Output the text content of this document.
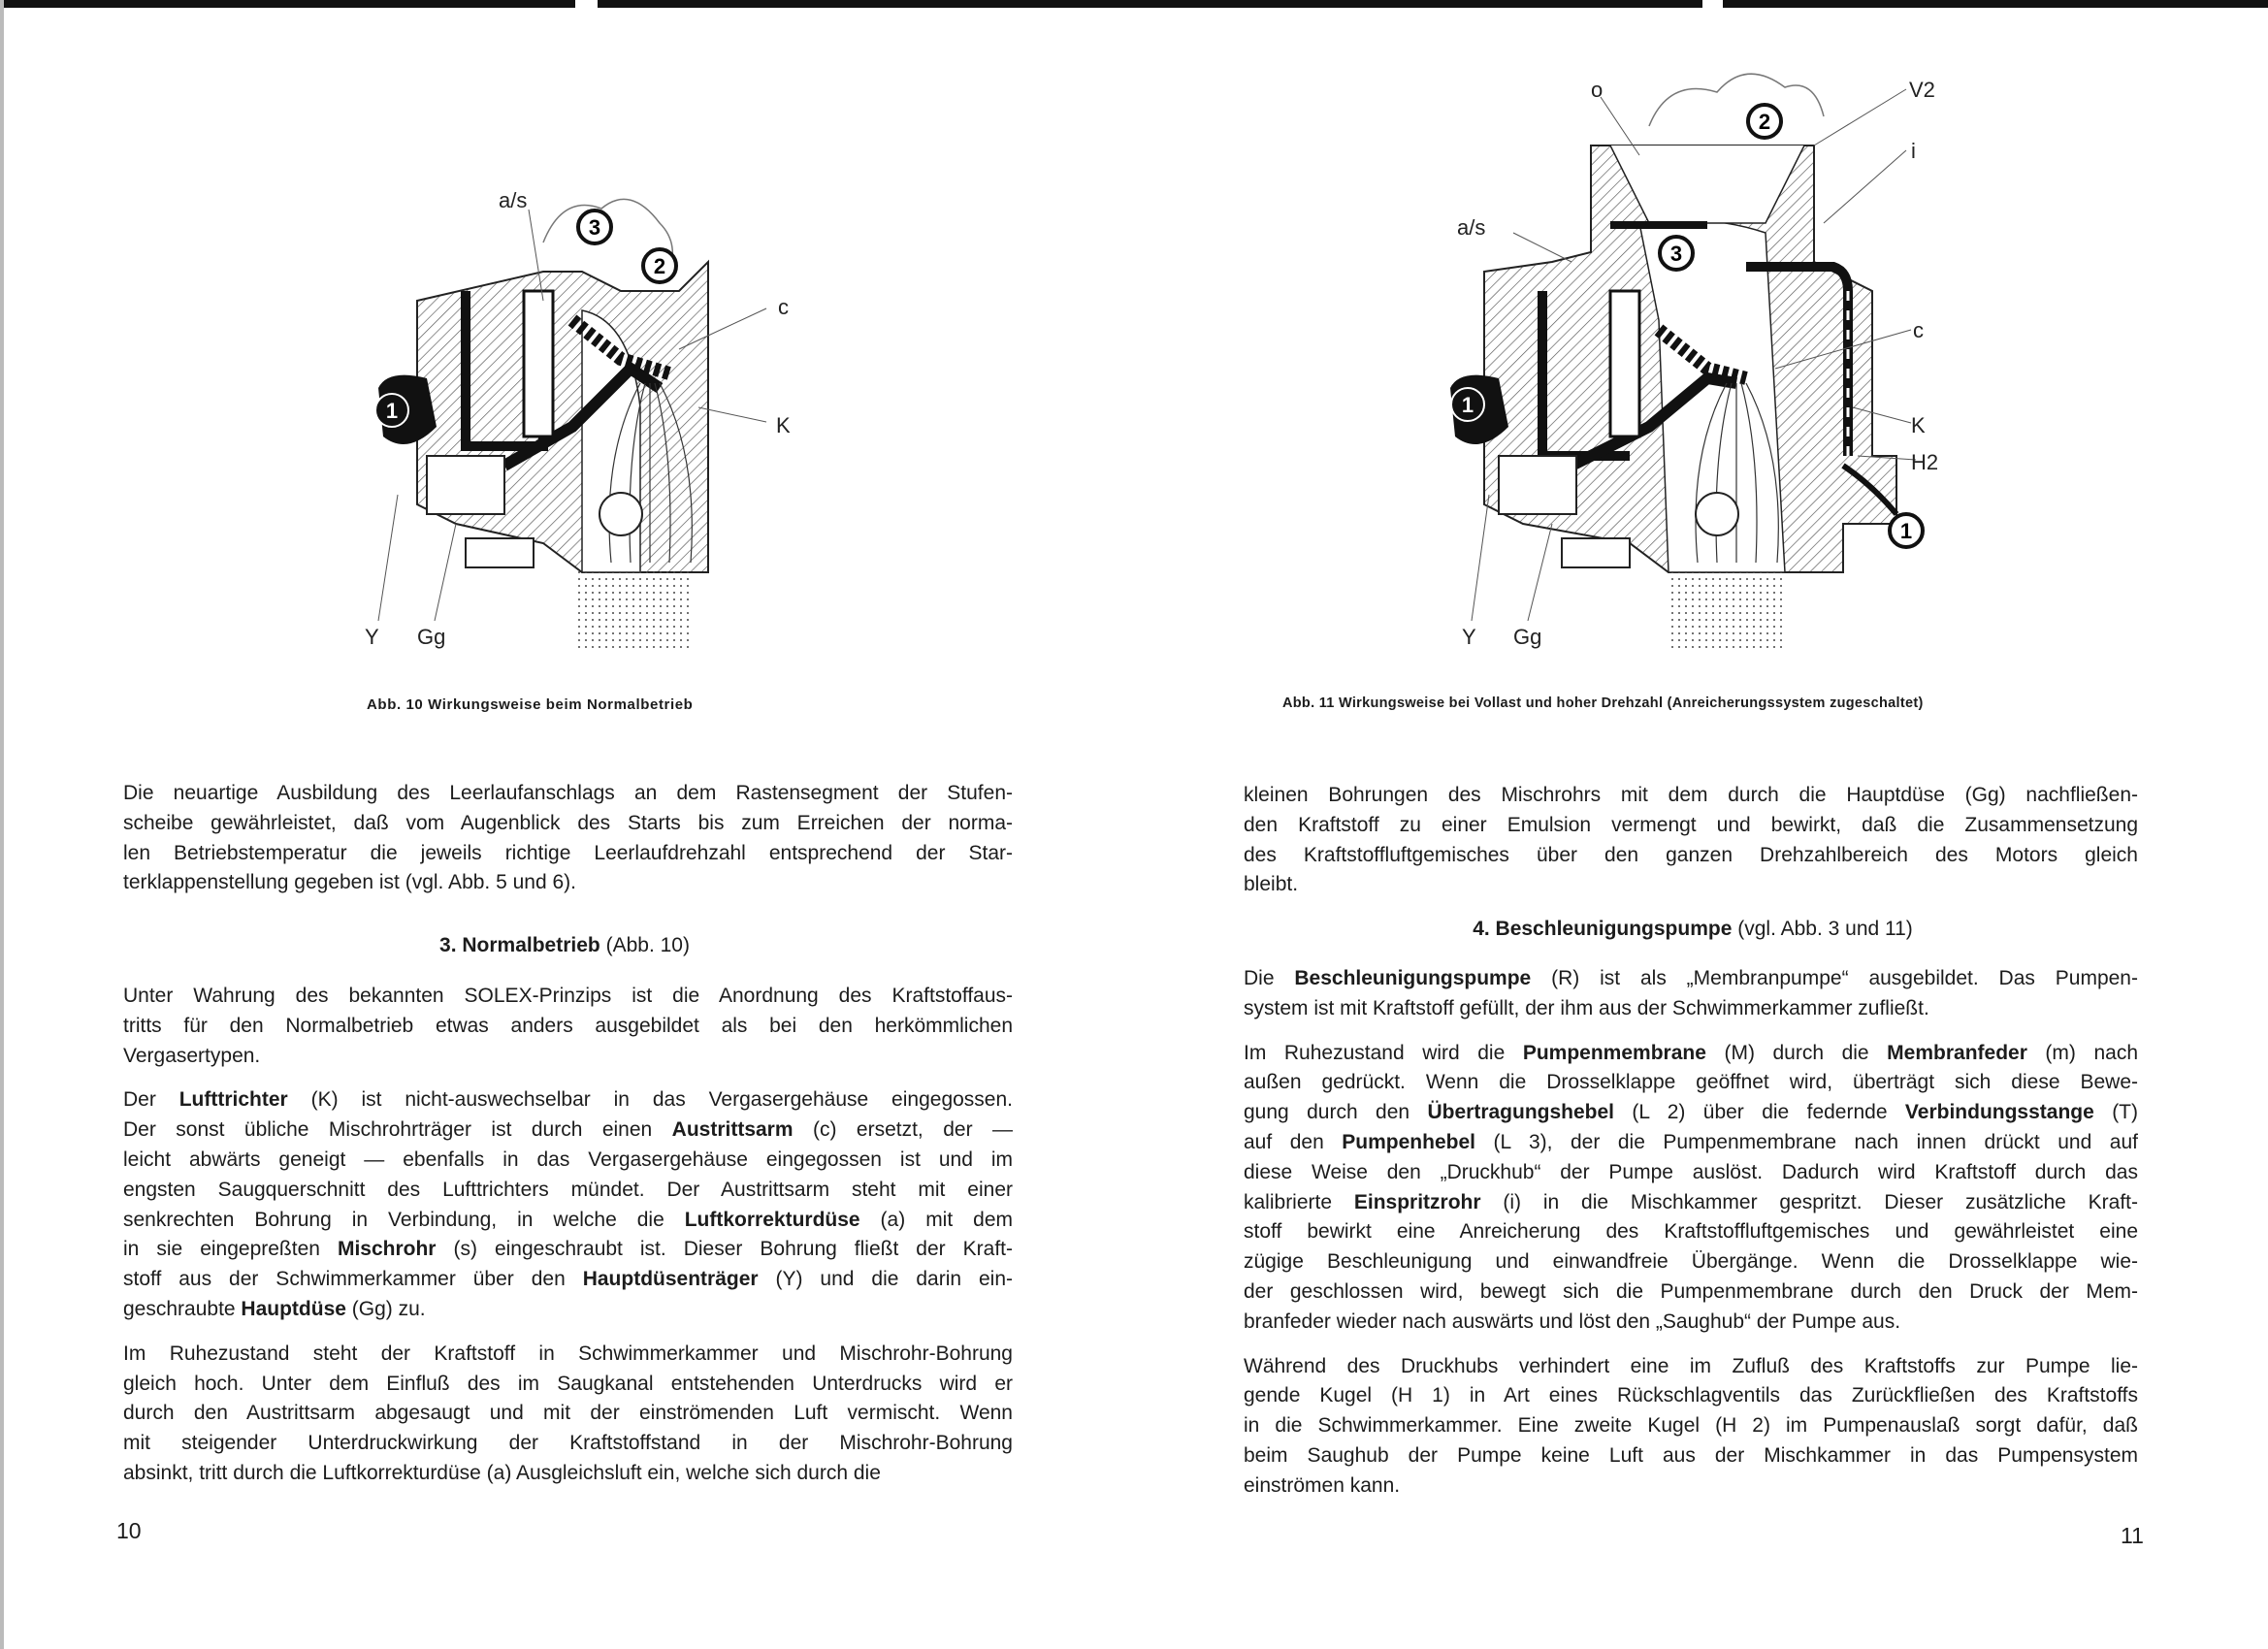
a/s
c
K
Y Gg
3
2
1
o	V2
i
a/s
c
K
H2
Y Gg
2
3
1
1
Abb. 10 Wirkungsweise beim Normalbetrieb	Abb. 11 Wirkungsweise bei Vollast und hoher Drehzahl (Anreicherungssystem zugeschaltet)
Die neuartige Ausbildung des Leerlaufanschlags an dem Rastensegment der Stufen-
scheibe gewährleistet, daß vom Augenblick des Starts bis zum Erreichen der norma-
len Betriebstemperatur die jeweils richtige Leerlaufdrehzahl entsprechend der Star-
terklappenstellung gegeben ist (vgl. Abb. 5 und 6).
3. Normalbetrieb (Abb. 10)
Unter Wahrung des bekannten SOLEX-Prinzips ist die Anordnung des Kraftstoffaus-
tritts für den Normalbetrieb etwas anders ausgebildet als bei den herkömmlichen
Vergasertypen.
Der Lufttrichter (K) ist nicht-auswechselbar in das Vergasergehäuse eingegossen.
Der sonst übliche Mischrohrträger ist durch einen Austrittsarm (c) ersetzt, der —
leicht abwärts geneigt — ebenfalls in das Vergasergehäuse eingegossen ist und im
engsten Saugquerschnitt des Lufttrichters mündet. Der Austrittsarm steht mit einer
senkrechten Bohrung in Verbindung, in welche die Luftkorrekturdüse (a) mit dem
in sie eingepreßten Mischrohr (s) eingeschraubt ist. Dieser Bohrung fließt der Kraft-
stoff aus der Schwimmerkammer über den Hauptdüsenträger (Y) und die darin ein-
geschraubte Hauptdüse (Gg) zu.
Im Ruhezustand steht der Kraftstoff in Schwimmerkammer und Mischrohr-Bohrung
gleich hoch. Unter dem Einfluß des im Saugkanal entstehenden Unterdrucks wird er
durch den Austrittsarm abgesaugt und mit der einströmenden Luft vermischt. Wenn
mit steigender Unterdruckwirkung der Kraftstoffstand in der Mischrohr-Bohrung
absinkt, tritt durch die Luftkorrekturdüse (a) Ausgleichsluft ein, welche sich durch die
10
kleinen Bohrungen des Mischrohrs mit dem durch die Hauptdüse (Gg) nachfließen-
den Kraftstoff zu einer Emulsion vermengt und bewirkt, daß die Zusammensetzung
des Kraftstoffluftgemisches über den ganzen Drehzahlbereich des Motors gleich
bleibt.
4. Beschleunigungspumpe (vgl. Abb. 3 und 11)
Die Beschleunigungspumpe (R) ist als „Membranpumpe“ ausgebildet. Das Pumpen-
system ist mit Kraftstoff gefüllt, der ihm aus der Schwimmerkammer zufließt.
Im Ruhezustand wird die Pumpenmembrane (M) durch die Membranfeder (m) nach
außen gedrückt. Wenn die Drosselklappe geöffnet wird, überträgt sich diese Bewe-
gung durch den Übertragungshebel (L 2) über die federnde Verbindungsstange (T)
auf den Pumpenhebel (L 3), der die Pumpenmembrane nach innen drückt und auf
diese Weise den „Druckhub“ der Pumpe auslöst. Dadurch wird Kraftstoff durch das
kalibrierte Einspritzrohr (i) in die Mischkammer gespritzt. Dieser zusätzliche Kraft-
stoff bewirkt eine Anreicherung des Kraftstoffluftgemisches und gewährleistet eine
zügige Beschleunigung und einwandfreie Übergänge. Wenn die Drosselklappe wie-
der geschlossen wird, bewegt sich die Pumpenmembrane durch den Druck der Mem-
branfeder wieder nach auswärts und löst den „Saughub“ der Pumpe aus.
Während des Druckhubs verhindert eine im Zufluß des Kraftstoffs zur Pumpe lie-
gende Kugel (H 1) in Art eines Rückschlagventils das Zurückfließen des Kraftstoffs
in die Schwimmerkammer. Eine zweite Kugel (H 2) im Pumpenauslaß sorgt dafür, daß
beim Saughub der Pumpe keine Luft aus der Mischkammer in das Pumpensystem
einströmen kann.
11
